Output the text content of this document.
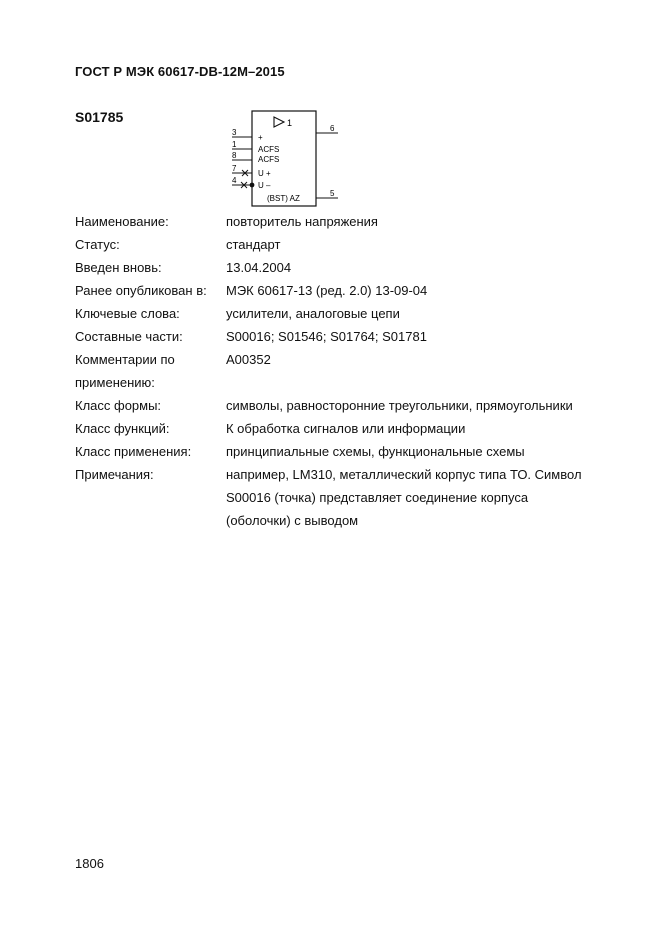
ГОСТ Р МЭК 60617-DB-12M–2015
S01785	1
+
ACFS
ACFS
U +
U –
(BST) AZ
3
1
8
7
4
6
5
Наименование:	повторитель напряжения
Статус:	стандарт
Введен вновь:	13.04.2004
Ранее опубликован в:	МЭК 60617-13 (ред. 2.0) 13-09-04
Ключевые слова:	усилители, аналоговые цепи
Составные части:	S00016; S01546; S01764; S01781
Комментарии по	A00352
применению:

Класс формы:	символы, равносторонние треугольники, прямоугольники
Класс функций:	К обработка сигналов или информации
Класс применения:	принципиальные схемы, функциональные схемы
Примечания:	например, LM310, металлический корпус типа ТО. Символ
S00016 (точка) представляет соединение корпуса
(оболочки) с выводом
1806
